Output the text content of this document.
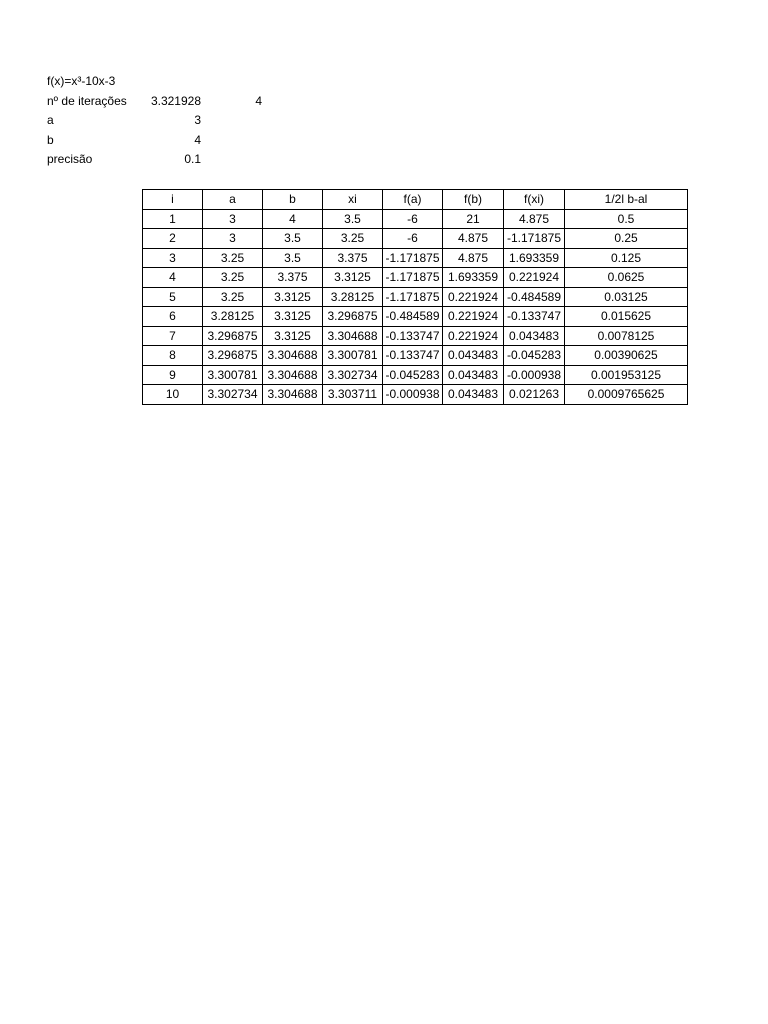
f(x)=x³-10x-3
nº de iterações	3.321928	4
a	3
b	4
precisão	0.1
i	a	b	xi	f(a)	f(b)	f(xi)	1/2l b-al
1	3	4	3.5	-6	21	4.875	0.5
2	3	3.5	3.25	-6	4.875	-1.171875	0.25
3	3.25	3.5	3.375	-1.171875	4.875	1.693359	0.125
4	3.25	3.375	3.3125	-1.171875	1.693359	0.221924	0.0625
5	3.25	3.3125	3.28125	-1.171875	0.221924	-0.484589	0.03125
6	3.28125	3.3125	3.296875	-0.484589	0.221924	-0.133747	0.015625
7	3.296875	3.3125	3.304688	-0.133747	0.221924	0.043483	0.0078125
8	3.296875	3.304688	3.300781	-0.133747	0.043483	-0.045283	0.00390625
9	3.300781	3.304688	3.302734	-0.045283	0.043483	-0.000938	0.001953125
10	3.302734	3.304688	3.303711	-0.000938	0.043483	0.021263	0.0009765625
